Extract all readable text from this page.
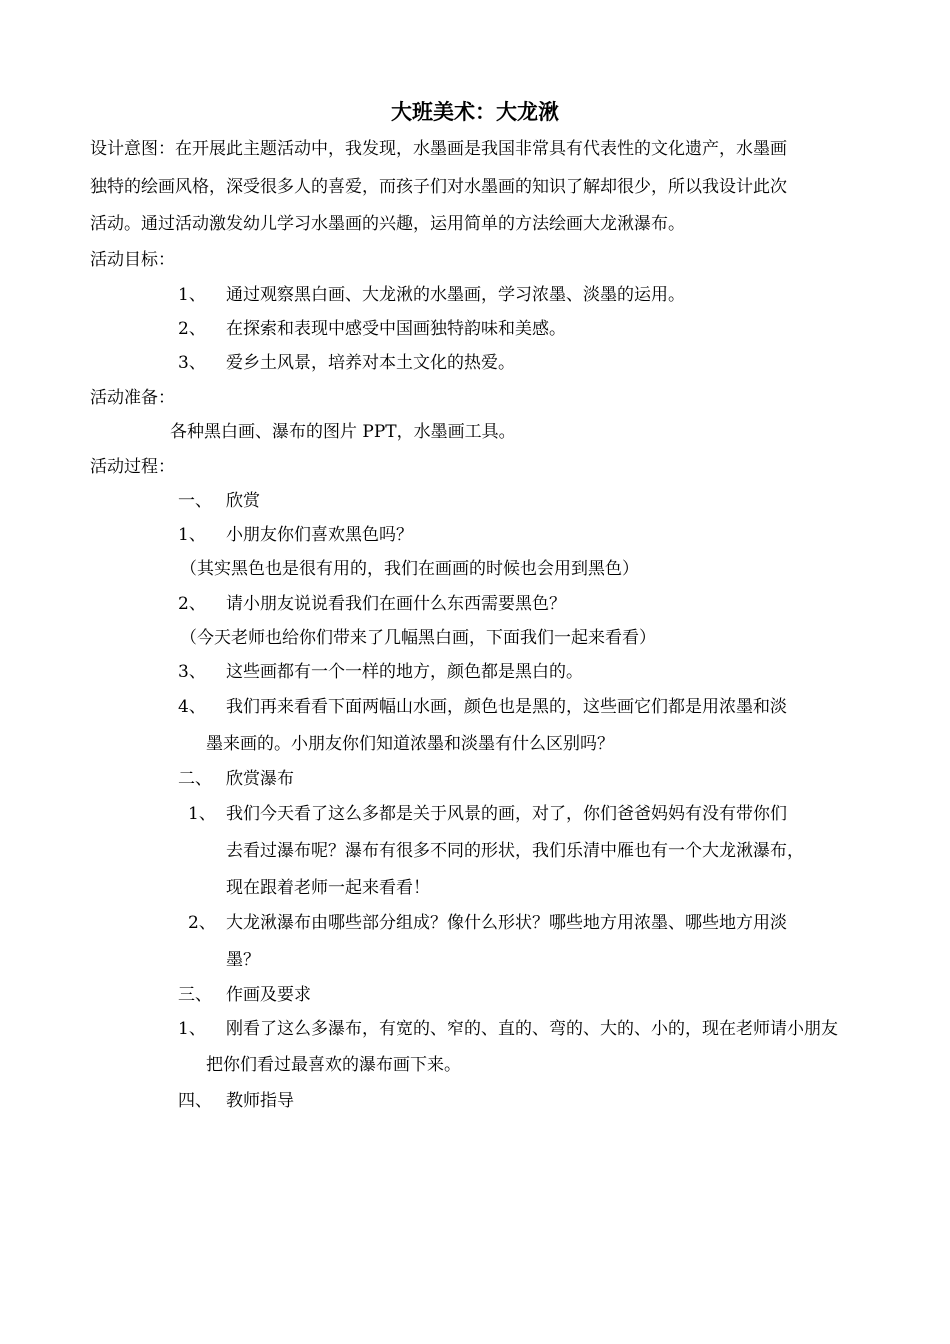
大班美术：大龙湫
设计意图：在开展此主题活动中，我发现，水墨画是我国非常具有代表性的文化遗产，水墨画
独特的绘画风格，深受很多人的喜爱，而孩子们对水墨画的知识了解却很少，所以我设计此次
活动。通过活动激发幼儿学习水墨画的兴趣，运用简单的方法绘画大龙湫瀑布。
活动目标：
1、 通过观察黑白画、大龙湫的水墨画，学习浓墨、淡墨的运用。
2、 在探索和表现中感受中国画独特韵味和美感。
3、 爱乡土风景，培养对本土文化的热爱。
活动准备：
各种黑白画、瀑布的图片 PPT，水墨画工具。
活动过程：
一、 欣赏
1、 小朋友你们喜欢黑色吗？
（其实黑色也是很有用的，我们在画画的时候也会用到黑色）
2、 请小朋友说说看我们在画什么东西需要黑色？
（今天老师也给你们带来了几幅黑白画，下面我们一起来看看）
3、 这些画都有一个一样的地方，颜色都是黑白的。
4、 我们再来看看下面两幅山水画，颜色也是黑的，这些画它们都是用浓墨和淡
墨来画的。小朋友你们知道浓墨和淡墨有什么区别吗？
二、 欣赏瀑布
1、 我们今天看了这么多都是关于风景的画，对了，你们爸爸妈妈有没有带你们
去看过瀑布呢？瀑布有很多不同的形状，我们乐清中雁也有一个大龙湫瀑布，
现在跟着老师一起来看看！
2、 大龙湫瀑布由哪些部分组成？像什么形状？哪些地方用浓墨、哪些地方用淡
墨？
三、 作画及要求
1、 刚看了这么多瀑布，有宽的、窄的、直的、弯的、大的、小的，现在老师请小朋友
把你们看过最喜欢的瀑布画下来。
四、 教师指导
